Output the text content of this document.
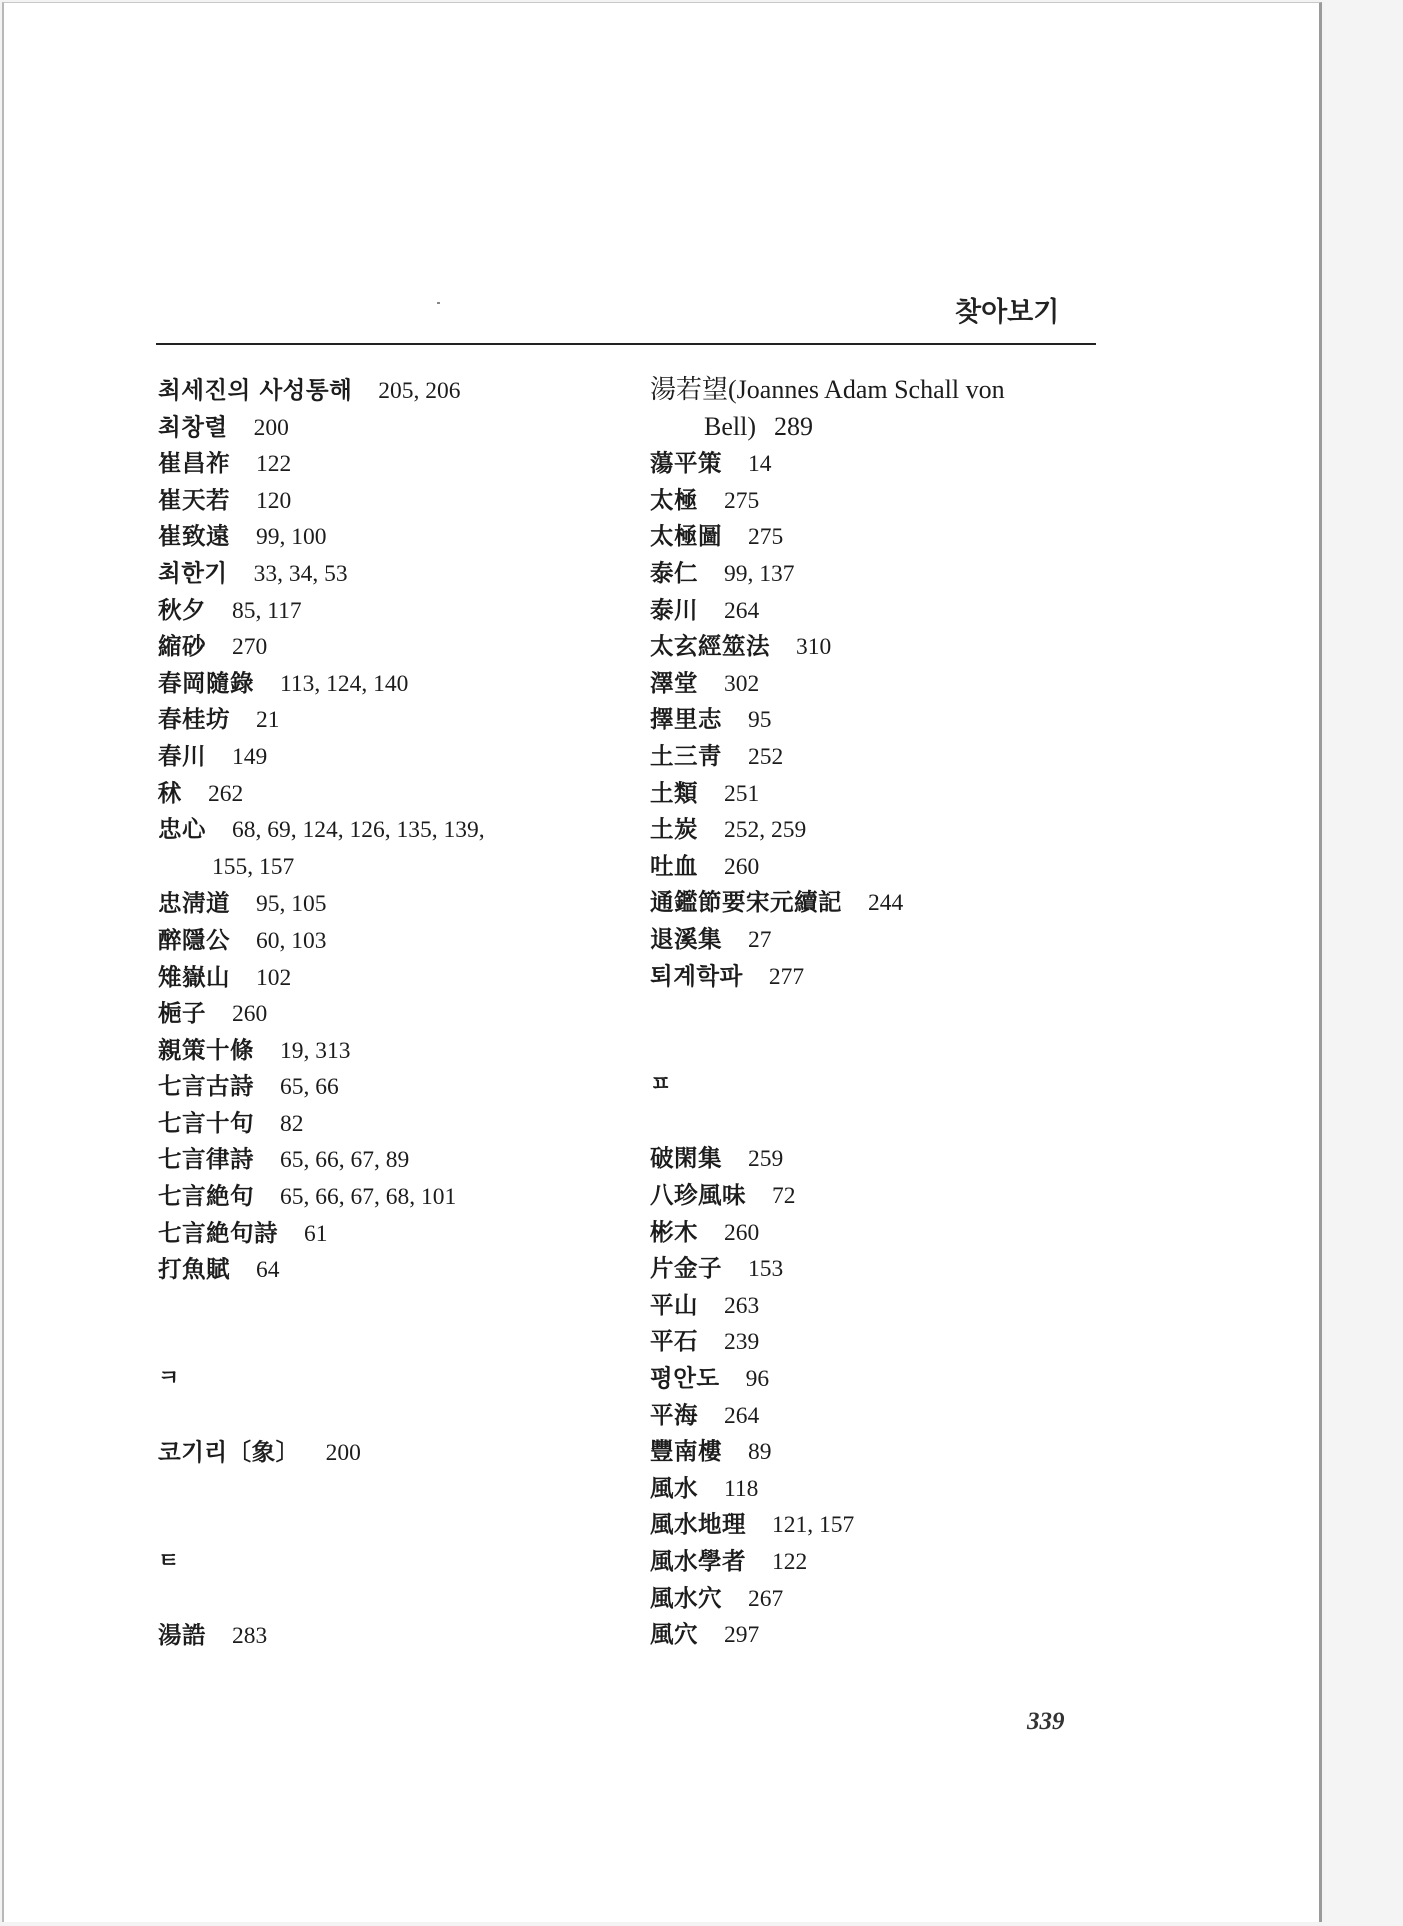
찾아보기
최세진의 사성통해 205, 206
최창렬 200
崔昌祚 122
崔天若 120
崔致遠 99, 100
최한기 33, 34, 53
秋夕 85, 117
縮砂 270
春岡隨錄 113, 124, 140
春桂坊 21
春川 149
秫 262
忠心 68, 69, 124, 126, 135, 139,
155, 157
忠淸道 95, 105
醉隱公 60, 103
雉嶽山 102
梔子 260
親策十條 19, 313
七言古詩 65, 66
七言十句 82
七言律詩 65, 66, 67, 89
七言絶句 65, 66, 67, 68, 101
七言絶句詩 61
打魚賦 64
ㅋ
코기리〔象〕 200
ㅌ
湯誥 283
湯若望(Joannes Adam Schall von
Bell) 289
蕩平策 14
太極 275
太極圖 275
泰仁 99, 137
泰川 264
太玄經筮法 310
澤堂 302
擇里志 95
土三靑 252
土類 251
土炭 252, 259
吐血 260
通鑑節要宋元續記 244
退溪集 27
퇴계학파 277
ㅍ
破閑集 259
八珍風味 72
彬木 260
片金子 153
平山 263
平石 239
평안도 96
平海 264
豐南樓 89
風水 118
風水地理 121, 157
風水學者 122
風水穴 267
風穴 297
339
